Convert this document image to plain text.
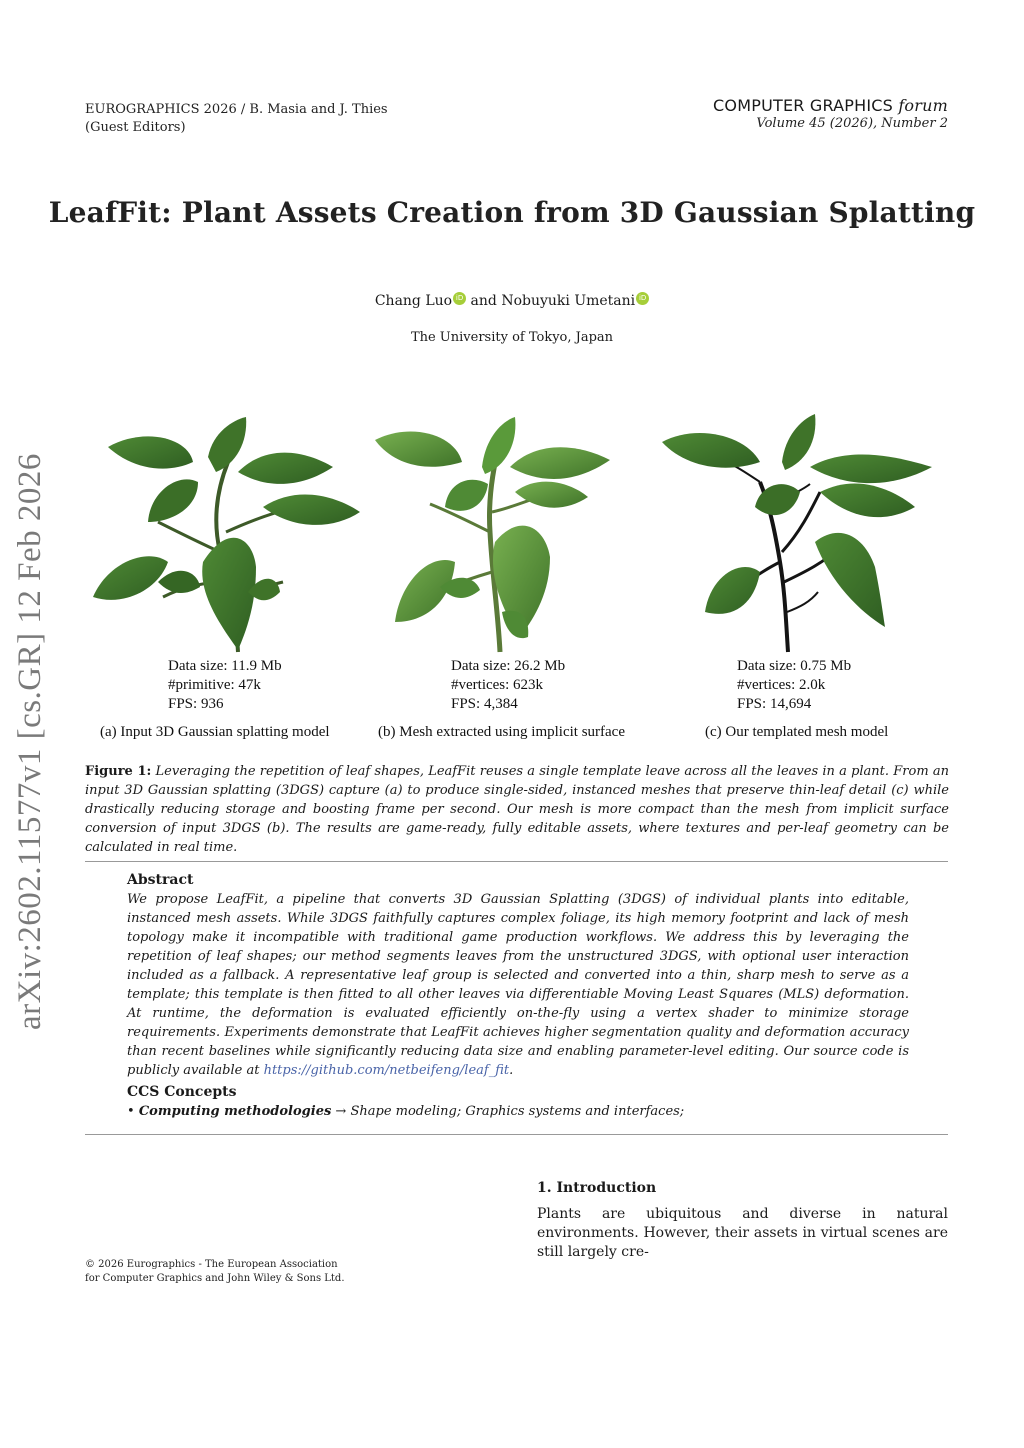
EUROGRAPHICS 2026 / B. Masia and J. Thies
(Guest Editors)
COMPUTER GRAPHICS forum
Volume 45 (2026), Number 2
LeafFit: Plant Assets Creation from 3D Gaussian Splatting
Chang Luo iD and Nobuyuki Umetani iD
The University of Tokyo, Japan
arXiv:2602.11577v1 [cs.GR] 12 Feb 2026	Data size: 11.9 Mb
#primitive: 47k
FPS: 936
Data size: 26.2 Mb
#vertices: 623k
FPS: 4,384
Data size: 0.75 Mb
#vertices: 2.0k
FPS: 14,694
(a) Input 3D Gaussian splatting model	(b) Mesh extracted using implicit surface	(c) Our templated mesh model
Figure 1: Leveraging the repetition of leaf shapes, LeafFit reuses a single template leave across all the leaves in a plant. From an input 3D Gaussian splatting (3DGS) capture (a) to produce single-sided, instanced meshes that preserve thin-leaf detail (c) while drastically reducing storage and boosting frame per second. Our mesh is more compact than the mesh from implicit surface conversion of input 3DGS (b). The results are game-ready, fully editable assets, where textures and per-leaf geometry can be calculated in real time.
Abstract
We propose LeafFit, a pipeline that converts 3D Gaussian Splatting (3DGS) of individual plants into editable, instanced mesh assets. While 3DGS faithfully captures complex foliage, its high memory footprint and lack of mesh topology make it incompatible with traditional game production workflows. We address this by leveraging the repetition of leaf shapes; our method segments leaves from the unstructured 3DGS, with optional user interaction included as a fallback. A representative leaf group is selected and converted into a thin, sharp mesh to serve as a template; this template is then fitted to all other leaves via differentiable Moving Least Squares (MLS) deformation. At runtime, the deformation is evaluated efficiently on-the-fly using a vertex shader to minimize storage requirements. Experiments demonstrate that LeafFit achieves higher segmentation quality and deformation accuracy than recent baselines while significantly reducing data size and enabling parameter-level editing. Our source code is publicly available at https://github.com/netbeifeng/leaf_fit.
CCS Concepts
• Computing methodologies → Shape modeling; Graphics systems and interfaces;
1. Introduction
Plants are ubiquitous and diverse in natural environments. However, their assets in virtual scenes are still largely cre-
© 2026 Eurographics - The European Association
for Computer Graphics and John Wiley & Sons Ltd.
